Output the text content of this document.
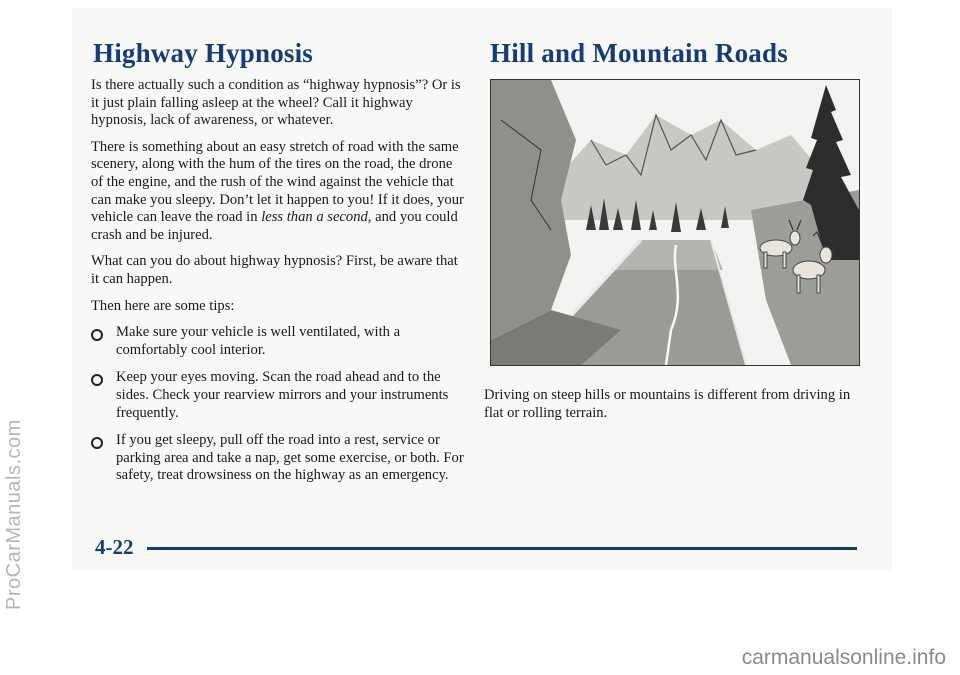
Highway Hypnosis

Is there actually such a condition as “highway hypnosis”? Or is it just plain falling asleep at the wheel? Call it highway hypnosis, lack of awareness, or whatever.

There is something about an easy stretch of road with the same scenery, along with the hum of the tires on the road, the drone of the engine, and the rush of the wind against the vehicle that can make you sleepy. Don’t let it happen to you! If it does, your vehicle can leave the road in less than a second, and you could crash and be injured.

What can you do about highway hypnosis? First, be aware that it can happen.

Then here are some tips:

Make sure your vehicle is well ventilated, with a comfortably cool interior.
Keep your eyes moving. Scan the road ahead and to the sides. Check your rearview mirrors and your instruments frequently.
If you get sleepy, pull off the road into a rest, service or parking area and take a nap, get some exercise, or both. For safety, treat drowsiness on the highway as an emergency.
Hill and Mountain Roads

Driving on steep hills or mountains is different from driving in flat or rolling terrain.

4-22
ProCarManuals.com
carmanualsonline.info
